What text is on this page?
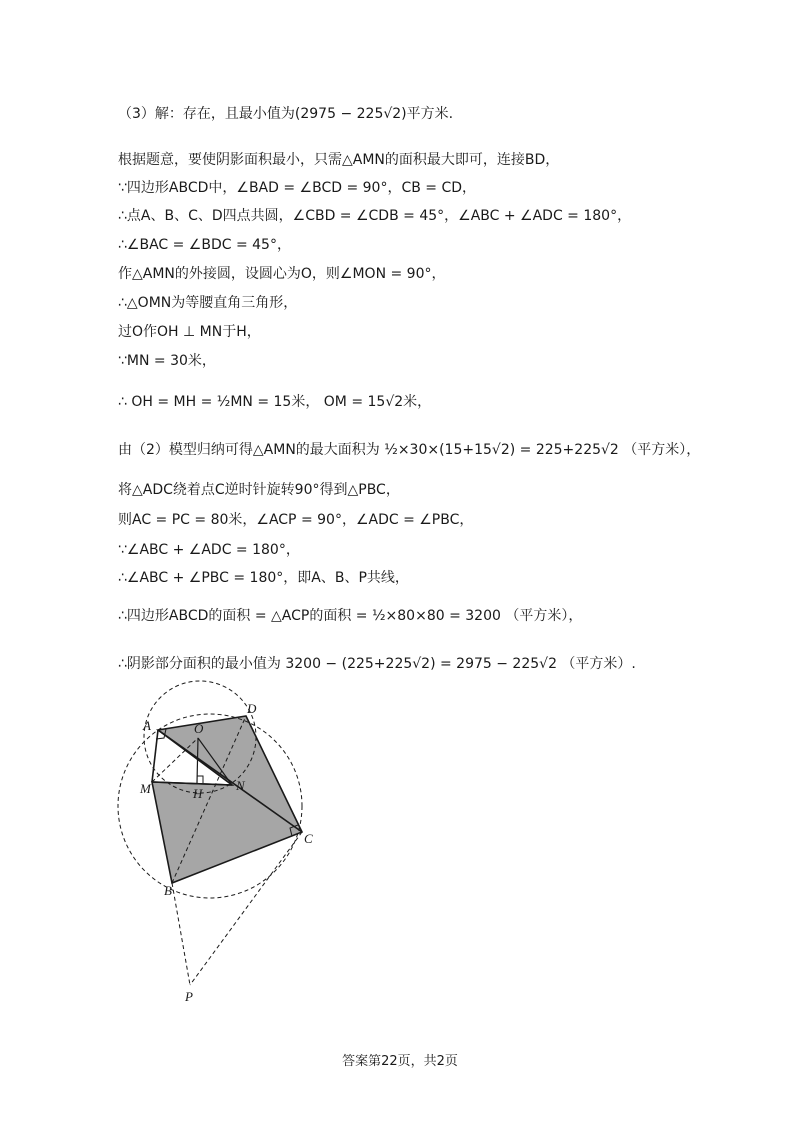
（3）解：存在，且最小值为(2975 − 225√2)平方米.
根据题意，要使阴影面积最小，只需△AMN的面积最大即可，连接BD，
∵四边形ABCD中，∠BAD = ∠BCD = 90°，CB = CD，
∴点A、B、C、D四点共圆，∠CBD = ∠CDB = 45°，∠ABC + ∠ADC = 180°，
∴∠BAC = ∠BDC = 45°，
作△AMN的外接圆，设圆心为O，则∠MON = 90°，
∴△OMN为等腰直角三角形，
过O作OH ⊥ MN于H，
∵MN = 30米，
∴ OH = MH = ½MN = 15米， OM = 15√2米，
由（2）模型归纳可得△AMN的最大面积为 ½×30×(15+15√2) = 225+225√2 （平方米），
将△ADC绕着点C逆时针旋转90°得到△PBC，
则AC = PC = 80米，∠ACP = 90°，∠ADC = ∠PBC，
∵∠ABC + ∠ADC = 180°，
∴∠ABC + ∠PBC = 180°，即A、B、P共线，
∴四边形ABCD的面积 = △ACP的面积 = ½×80×80 = 3200 （平方米），
∴阴影部分面积的最小值为 3200 − (225+225√2) = 2975 − 225√2 （平方米）.
A
D
O
M	H
N
C
B
P
答案第22页，共2页
